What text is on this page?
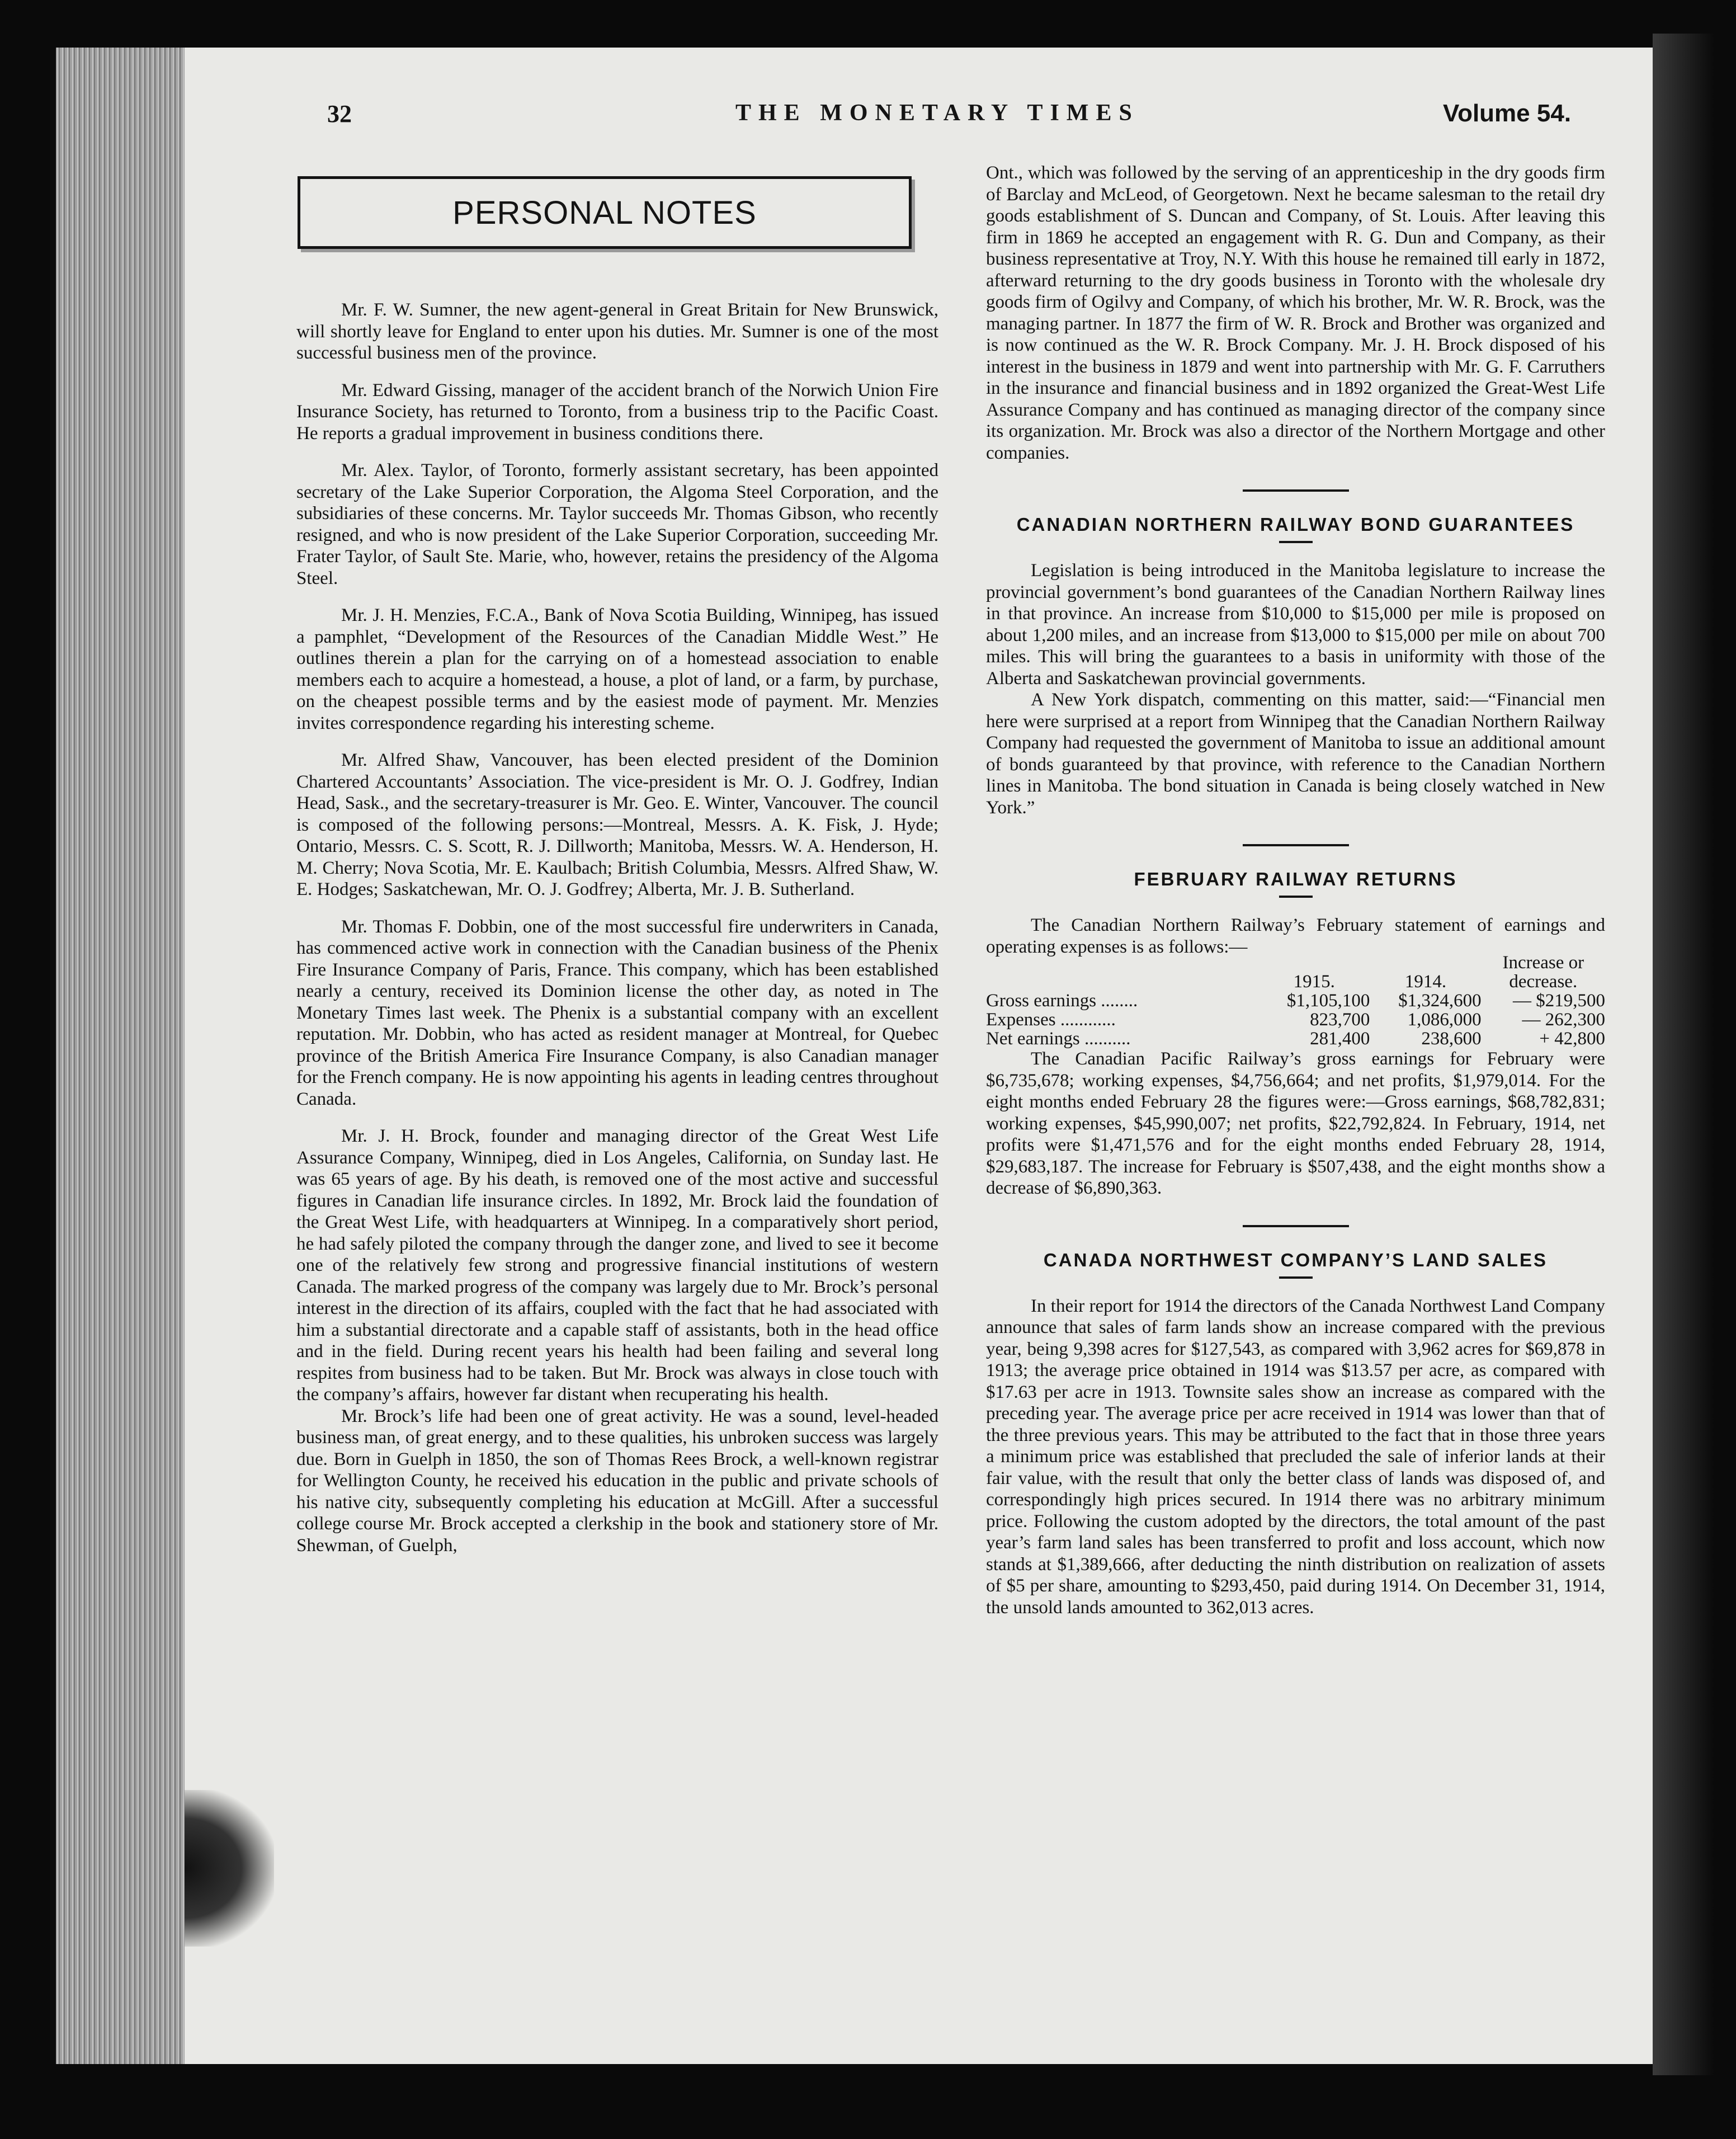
32	THE MONETARY TIMES	Volume 54.
PERSONAL NOTES

Mr. F. W. Sumner, the new agent-general in Great Britain for New Brunswick, will shortly leave for England to enter upon his duties. Mr. Sumner is one of the most successful business men of the province.

Mr. Edward Gissing, manager of the accident branch of the Norwich Union Fire Insurance Society, has returned to Toronto, from a business trip to the Pacific Coast. He reports a gradual improvement in business conditions there.

Mr. Alex. Taylor, of Toronto, formerly assistant secretary, has been appointed secretary of the Lake Superior Corporation, the Algoma Steel Corporation, and the subsidiaries of these concerns. Mr. Taylor succeeds Mr. Thomas Gibson, who recently resigned, and who is now president of the Lake Superior Corporation, succeeding Mr. Frater Taylor, of Sault Ste. Marie, who, however, retains the presidency of the Algoma Steel.

Mr. J. H. Menzies, F.C.A., Bank of Nova Scotia Building, Winnipeg, has issued a pamphlet, “Development of the Resources of the Canadian Middle West.” He outlines therein a plan for the carrying on of a homestead association to enable members each to acquire a homestead, a house, a plot of land, or a farm, by purchase, on the cheapest possible terms and by the easiest mode of payment. Mr. Menzies invites correspondence regarding his interesting scheme.

Mr. Alfred Shaw, Vancouver, has been elected president of the Dominion Chartered Accountants’ Association. The vice-president is Mr. O. J. Godfrey, Indian Head, Sask., and the secretary-treasurer is Mr. Geo. E. Winter, Vancouver. The council is composed of the following persons:—Montreal, Messrs. A. K. Fisk, J. Hyde; Ontario, Messrs. C. S. Scott, R. J. Dillworth; Manitoba, Messrs. W. A. Henderson, H. M. Cherry; Nova Scotia, Mr. E. Kaulbach; British Columbia, Messrs. Alfred Shaw, W. E. Hodges; Saskatchewan, Mr. O. J. Godfrey; Alberta, Mr. J. B. Sutherland.

Mr. Thomas F. Dobbin, one of the most successful fire underwriters in Canada, has commenced active work in connection with the Canadian business of the Phenix Fire Insurance Company of Paris, France. This company, which has been established nearly a century, received its Dominion license the other day, as noted in The Monetary Times last week. The Phenix is a substantial company with an excellent reputation. Mr. Dobbin, who has acted as resident manager at Montreal, for Quebec province of the British America Fire Insurance Company, is also Canadian manager for the French company. He is now appointing his agents in leading centres throughout Canada.

Mr. J. H. Brock, founder and managing director of the Great West Life Assurance Company, Winnipeg, died in Los Angeles, California, on Sunday last. He was 65 years of age. By his death, is removed one of the most active and successful figures in Canadian life insurance circles. In 1892, Mr. Brock laid the foundation of the Great West Life, with headquarters at Winnipeg. In a comparatively short period, he had safely piloted the company through the danger zone, and lived to see it become one of the relatively few strong and progressive financial institutions of western Canada. The marked progress of the company was largely due to Mr. Brock’s personal interest in the direction of its affairs, coupled with the fact that he had associated with him a substantial directorate and a capable staff of assistants, both in the head office and in the field. During recent years his health had been failing and several long respites from business had to be taken. But Mr. Brock was always in close touch with the company’s affairs, however far distant when recuperating his health.

Mr. Brock’s life had been one of great activity. He was a sound, level-headed business man, of great energy, and to these qualities, his unbroken success was largely due. Born in Guelph in 1850, the son of Thomas Rees Brock, a well-known registrar for Wellington County, he received his education in the public and private schools of his native city, subsequently completing his education at McGill. After a successful college course Mr. Brock accepted a clerkship in the book and stationery store of Mr. Shewman, of Guelph,

Ont., which was followed by the serving of an apprenticeship in the dry goods firm of Barclay and McLeod, of Georgetown. Next he became salesman to the retail dry goods establishment of S. Duncan and Company, of St. Louis. After leaving this firm in 1869 he accepted an engagement with R. G. Dun and Company, as their business representative at Troy, N.Y. With this house he remained till early in 1872, afterward returning to the dry goods business in Toronto with the wholesale dry goods firm of Ogilvy and Company, of which his brother, Mr. W. R. Brock, was the managing partner. In 1877 the firm of W. R. Brock and Brother was organized and is now continued as the W. R. Brock Company. Mr. J. H. Brock disposed of his interest in the business in 1879 and went into partnership with Mr. G. F. Carruthers in the insurance and financial business and in 1892 organized the Great-West Life Assurance Company and has continued as managing director of the company since its organization. Mr. Brock was also a director of the Northern Mortgage and other companies.

CANADIAN NORTHERN RAILWAY BOND GUARANTEES

Legislation is being introduced in the Manitoba legislature to increase the provincial government’s bond guarantees of the Canadian Northern Railway lines in that province. An increase from $10,000 to $15,000 per mile is proposed on about 1,200 miles, and an increase from $13,000 to $15,000 per mile on about 700 miles. This will bring the guarantees to a basis in uniformity with those of the Alberta and Saskatchewan provincial governments.

A New York dispatch, commenting on this matter, said:—“Financial men here were surprised at a report from Winnipeg that the Canadian Northern Railway Company had requested the government of Manitoba to issue an additional amount of bonds guaranteed by that province, with reference to the Canadian Northern lines in Manitoba. The bond situation in Canada is being closely watched in New York.”

FEBRUARY RAILWAY RETURNS

The Canadian Northern Railway’s February statement of earnings and operating expenses is as follows:—

			Increase or
	1915.	1914.	decrease.
Gross earnings ........	$1,105,100	$1,324,600	— $219,500
Expenses ............	823,700	1,086,000	— 262,300
Net earnings ..........	281,400	238,600	+ 42,800

The Canadian Pacific Railway’s gross earnings for February were $6,735,678; working expenses, $4,756,664; and net profits, $1,979,014. For the eight months ended February 28 the figures were:—Gross earnings, $68,782,831; working expenses, $45,990,007; net profits, $22,792,824. In February, 1914, net profits were $1,471,576 and for the eight months ended February 28, 1914, $29,683,187. The increase for February is $507,438, and the eight months show a decrease of $6,890,363.

CANADA NORTHWEST COMPANY’S LAND SALES

In their report for 1914 the directors of the Canada Northwest Land Company announce that sales of farm lands show an increase compared with the previous year, being 9,398 acres for $127,543, as compared with 3,962 acres for $69,878 in 1913; the average price obtained in 1914 was $13.57 per acre, as compared with $17.63 per acre in 1913. Townsite sales show an increase as compared with the preceding year. The average price per acre received in 1914 was lower than that of the three previous years. This may be attributed to the fact that in those three years a minimum price was established that precluded the sale of inferior lands at their fair value, with the result that only the better class of lands was disposed of, and correspondingly high prices secured. In 1914 there was no arbitrary minimum price. Following the custom adopted by the directors, the total amount of the past year’s farm land sales has been transferred to profit and loss account, which now stands at $1,389,666, after deducting the ninth distribution on realization of assets of $5 per share, amounting to $293,450, paid during 1914. On December 31, 1914, the unsold lands amounted to 362,013 acres.
